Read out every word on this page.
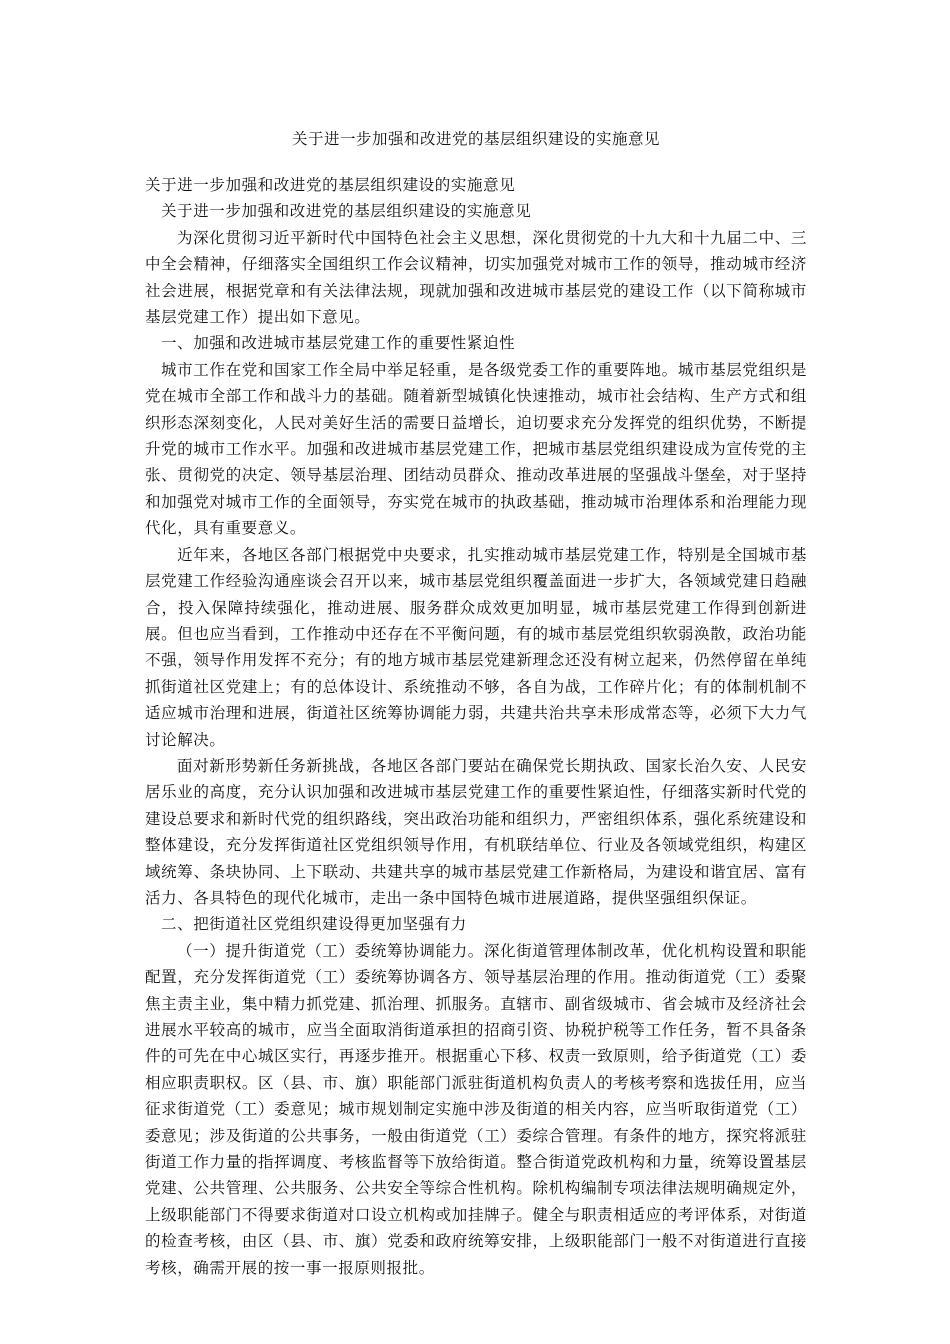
关于进一步加强和改进党的基层组织建设的实施意见

关于进一步加强和改进党的基层组织建设的实施意见

关于进一步加强和改进党的基层组织建设的实施意见

为深化贯彻习近平新时代中国特色社会主义思想，深化贯彻党的十九大和十九届二中、三中全会精神，仔细落实全国组织工作会议精神，切实加强党对城市工作的领导，推动城市经济社会进展，根据党章和有关法律法规，现就加强和改进城市基层党的建设工作（以下简称城市基层党建工作）提出如下意见。

一、加强和改进城市基层党建工作的重要性紧迫性

城市工作在党和国家工作全局中举足轻重，是各级党委工作的重要阵地。城市基层党组织是党在城市全部工作和战斗力的基础。随着新型城镇化快速推动，城市社会结构、生产方式和组织形态深刻变化，人民对美好生活的需要日益增长，迫切要求充分发挥党的组织优势，不断提升党的城市工作水平。加强和改进城市基层党建工作，把城市基层党组织建设成为宣传党的主张、贯彻党的决定、领导基层治理、团结动员群众、推动改革进展的坚强战斗堡垒，对于坚持和加强党对城市工作的全面领导，夯实党在城市的执政基础，推动城市治理体系和治理能力现代化，具有重要意义。

近年来，各地区各部门根据党中央要求，扎实推动城市基层党建工作，特别是全国城市基层党建工作经验沟通座谈会召开以来，城市基层党组织覆盖面进一步扩大，各领域党建日趋融合，投入保障持续强化，推动进展、服务群众成效更加明显，城市基层党建工作得到创新进展。但也应当看到，工作推动中还存在不平衡问题，有的城市基层党组织软弱涣散，政治功能不强，领导作用发挥不充分；有的地方城市基层党建新理念还没有树立起来，仍然停留在单纯抓街道社区党建上；有的总体设计、系统推动不够，各自为战，工作碎片化；有的体制机制不适应城市治理和进展，街道社区统筹协调能力弱，共建共治共享未形成常态等，必须下大力气讨论解决。

面对新形势新任务新挑战，各地区各部门要站在确保党长期执政、国家长治久安、人民安居乐业的高度，充分认识加强和改进城市基层党建工作的重要性紧迫性，仔细落实新时代党的建设总要求和新时代党的组织路线，突出政治功能和组织力，严密组织体系，强化系统建设和整体建设，充分发挥街道社区党组织领导作用，有机联结单位、行业及各领域党组织，构建区域统筹、条块协同、上下联动、共建共享的城市基层党建工作新格局，为建设和谐宜居、富有活力、各具特色的现代化城市，走出一条中国特色城市进展道路，提供坚强组织保证。

二、把街道社区党组织建设得更加坚强有力

（一）提升街道党（工）委统筹协调能力。深化街道管理体制改革，优化机构设置和职能配置，充分发挥街道党（工）委统筹协调各方、领导基层治理的作用。推动街道党（工）委聚焦主责主业，集中精力抓党建、抓治理、抓服务。直辖市、副省级城市、省会城市及经济社会进展水平较高的城市，应当全面取消街道承担的招商引资、协税护税等工作任务，暂不具备条件的可先在中心城区实行，再逐步推开。根据重心下移、权责一致原则，给予街道党（工）委相应职责职权。区（县、市、旗）职能部门派驻街道机构负责人的考核考察和选拔任用，应当征求街道党（工）委意见；城市规划制定实施中涉及街道的相关内容，应当听取街道党（工）委意见；涉及街道的公共事务，一般由街道党（工）委综合管理。有条件的地方，探究将派驻街道工作力量的指挥调度、考核监督等下放给街道。整合街道党政机构和力量，统筹设置基层党建、公共管理、公共服务、公共安全等综合性机构。除机构编制专项法律法规明确规定外，上级职能部门不得要求街道对口设立机构或加挂牌子。健全与职责相适应的考评体系，对街道的检查考核，由区（县、市、旗）党委和政府统筹安排，上级职能部门一般不对街道进行直接考核，确需开展的按一事一报原则报批。
